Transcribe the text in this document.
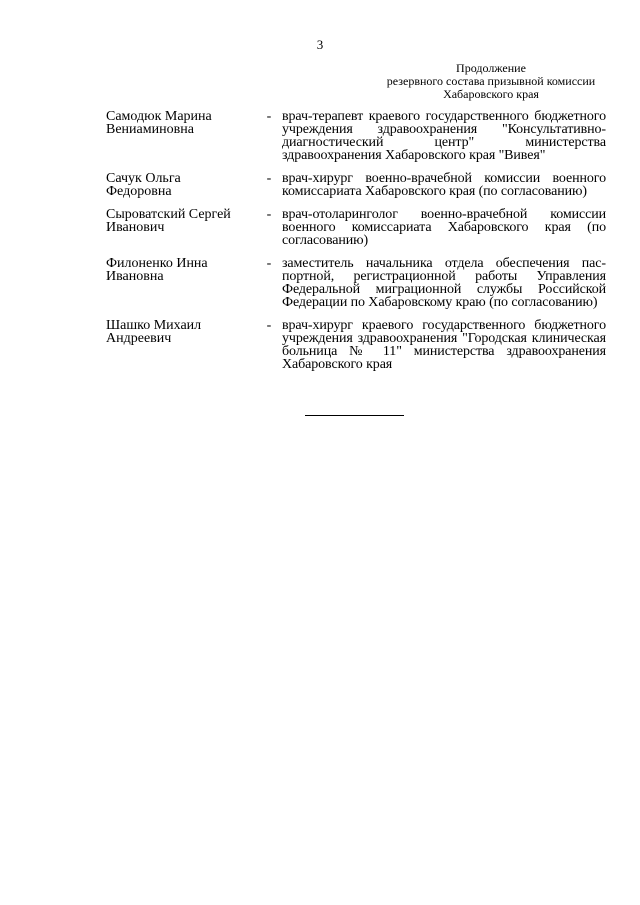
3
Продолжение
резервного состава призывной комиссии
Хабаровского края
Самодюк Марина
Вениаминовна
- врач-терапевт краевого государственного бюджетного учреждения здравоохранения "Консультативно-диагностический центр" министерства здравоохранения Хабаровского края "Вивея"
Сачук Ольга
Федоровна
- врач-хирург военно-врачебной комиссии военного комиссариата Хабаровского края (по согласованию)
Сыроватский Сергей
Иванович
- врач-отоларинголог военно-врачебной комиссии военного комиссариата Хабаровского края (по согласованию)
Филоненко Инна
Ивановна
- заместитель начальника отдела обеспечения паспортной, регистрационной работы Управления Федеральной миграционной службы Российской Федерации по Хабаровскому краю (по согласованию)
Шашко Михаил
Андреевич
- врач-хирург краевого государственного бюджетного учреждения здравоохранения "Городская клиническая больница № 11" министерства здравоохранения Хабаровского края
